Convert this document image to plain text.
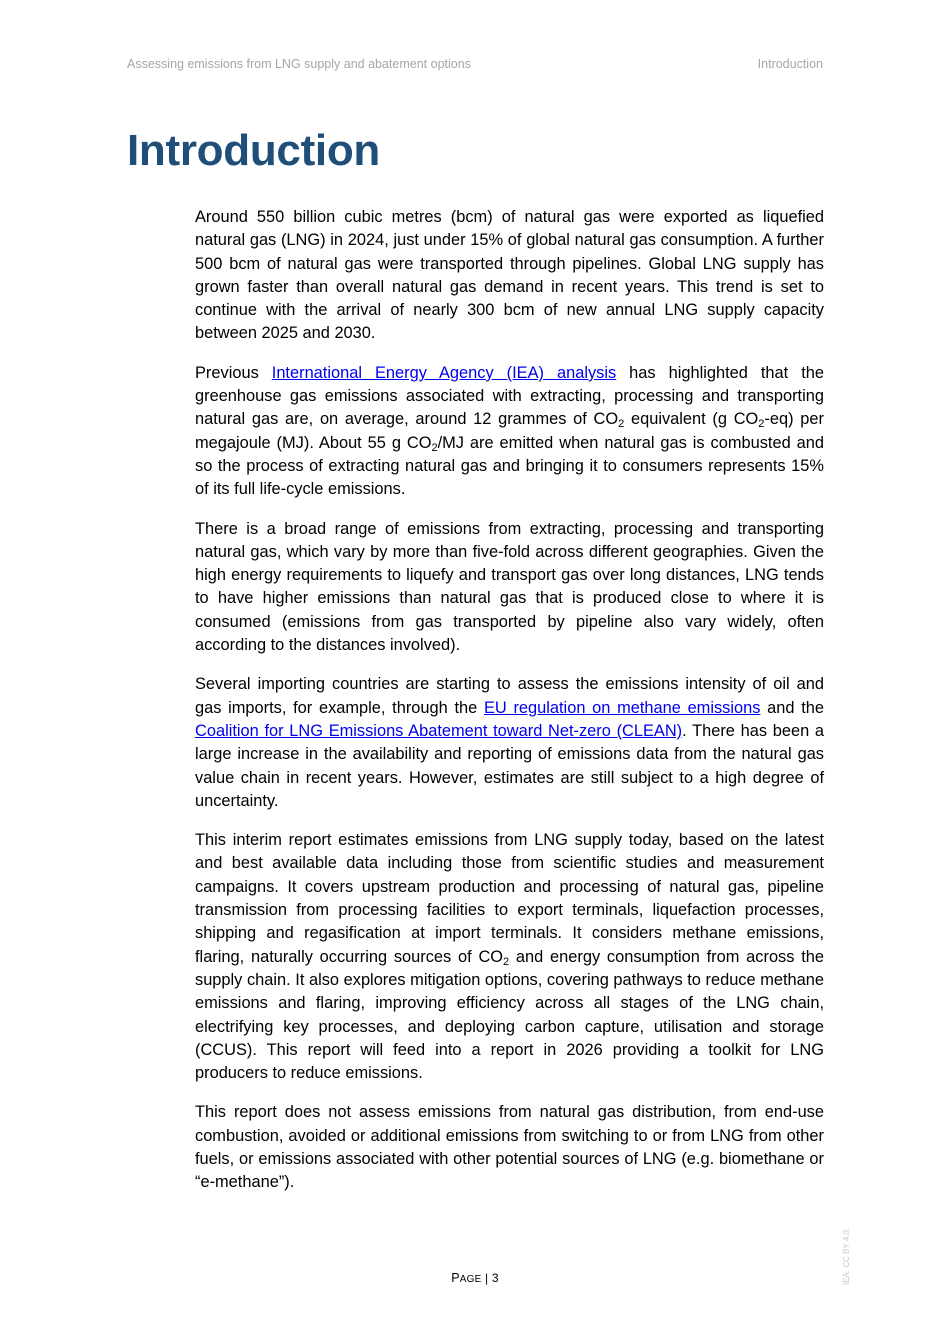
Assessing emissions from LNG supply and abatement options	Introduction
Introduction

Around 550 billion cubic metres (bcm) of natural gas were exported as liquefied natural gas (LNG) in 2024, just under 15% of global natural gas consumption. A further 500 bcm of natural gas were transported through pipelines. Global LNG supply has grown faster than overall natural gas demand in recent years. This trend is set to continue with the arrival of nearly 300 bcm of new annual LNG supply capacity between 2025 and 2030.

Previous International Energy Agency (IEA) analysis has highlighted that the greenhouse gas emissions associated with extracting, processing and transporting natural gas are, on average, around 12 grammes of $CO_2$ equivalent (g $CO_2-eq$) per megajoule (MJ). About 55 g $CO_2/MJ$ are emitted when natural gas is combusted and so the process of extracting natural gas and bringing it to consumers represents 15% of its full life-cycle emissions.

There is a broad range of emissions from extracting, processing and transporting natural gas, which vary by more than five-fold across different geographies. Given the high energy requirements to liquefy and transport gas over long distances, LNG tends to have higher emissions than natural gas that is produced close to where it is consumed (emissions from gas transported by pipeline also vary widely, often according to the distances involved).

Several importing countries are starting to assess the emissions intensity of oil and gas imports, for example, through the EU regulation on methane emissions and the Coalition for LNG Emissions Abatement toward Net-zero (CLEAN). There has been a large increase in the availability and reporting of emissions data from the natural gas value chain in recent years. However, estimates are still subject to a high degree of uncertainty.

This interim report estimates emissions from LNG supply today, based on the latest and best available data including those from scientific studies and measurement campaigns. It covers upstream production and processing of natural gas, pipeline transmission from processing facilities to export terminals, liquefaction processes, shipping and regasification at import terminals. It considers methane emissions, flaring, naturally occurring sources of $CO_2$ and energy consumption from across the supply chain. It also explores mitigation options, covering pathways to reduce methane emissions and flaring, improving efficiency across all stages of the LNG chain, electrifying key processes, and deploying carbon capture, utilisation and storage (CCUS). This report will feed into a report in 2026 providing a toolkit for LNG producers to reduce emissions.

This report does not assess emissions from natural gas distribution, from end-use combustion, avoided or additional emissions from switching to or from LNG from other fuels, or emissions associated with other potential sources of LNG (e.g. biomethane or “e-methane”).

PAGE | 3	IEA. CC BY 4.0.
